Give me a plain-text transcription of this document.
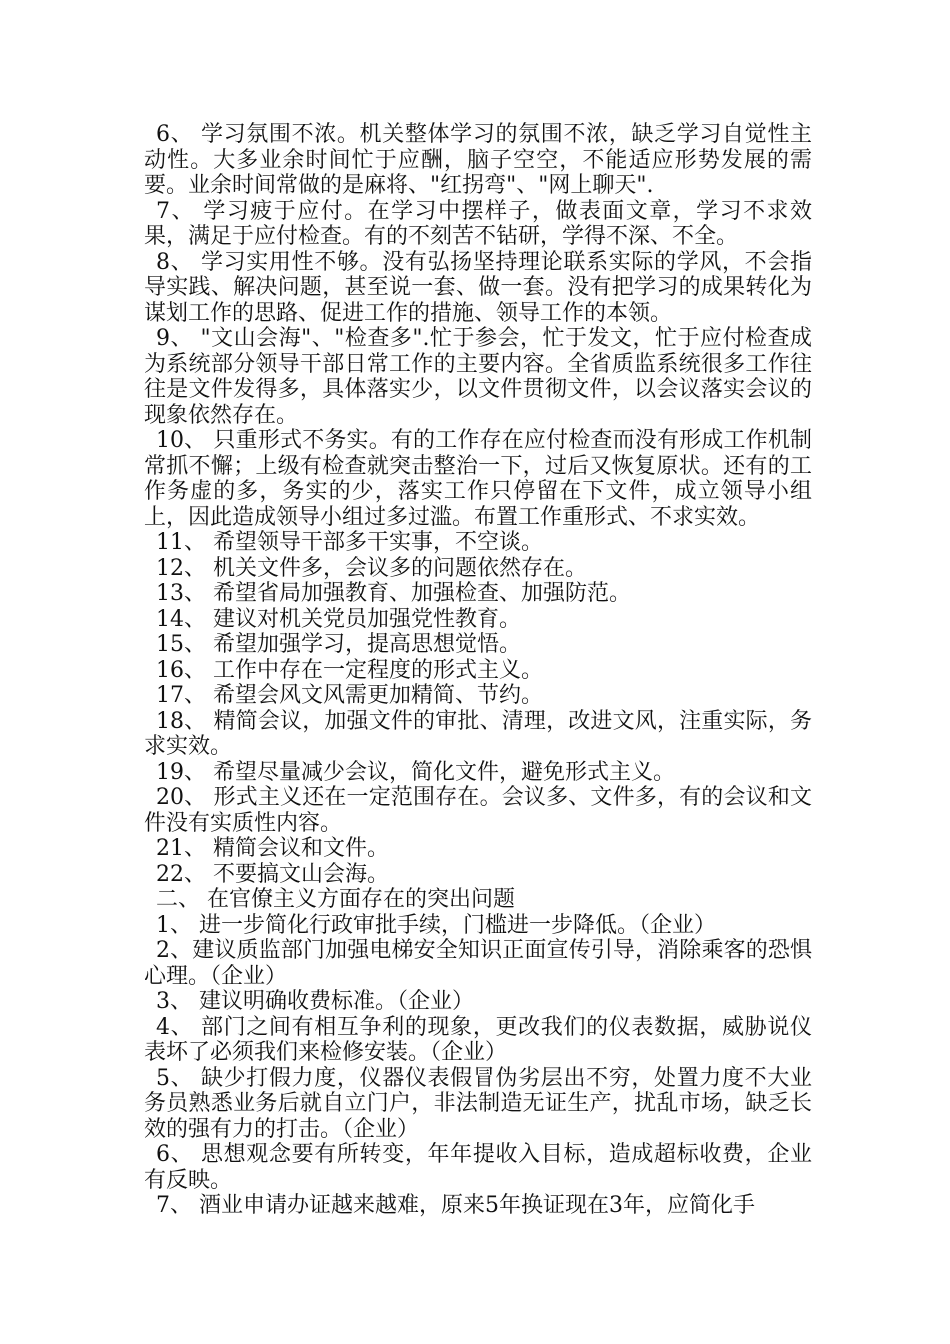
6、 学习氛围不浓。机关整体学习的氛围不浓，缺乏学习自觉性主动性。大多业余时间忙于应酬，脑子空空，不能适应形势发展的需要。业余时间常做的是麻将、"红拐弯"、"网上聊天".

7、 学习疲于应付。在学习中摆样子，做表面文章，学习不求效果，满足于应付检查。有的不刻苦不钻研，学得不深、不全。

8、 学习实用性不够。没有弘扬坚持理论联系实际的学风，不会指导实践、解决问题，甚至说一套、做一套。没有把学习的成果转化为谋划工作的思路、促进工作的措施、领导工作的本领。

9、 "文山会海"、"检查多".忙于参会，忙于发文，忙于应付检查成为系统部分领导干部日常工作的主要内容。全省质监系统很多工作往往是文件发得多，具体落实少，以文件贯彻文件，以会议落实会议的现象依然存在。

10、 只重形式不务实。有的工作存在应付检查而没有形成工作机制常抓不懈；上级有检查就突击整治一下，过后又恢复原状。还有的工作务虚的多，务实的少，落实工作只停留在下文件，成立领导小组上，因此造成领导小组过多过滥。布置工作重形式、不求实效。

11、 希望领导干部多干实事，不空谈。

12、 机关文件多，会议多的问题依然存在。

13、 希望省局加强教育、加强检查、加强防范。

14、 建议对机关党员加强党性教育。

15、 希望加强学习，提高思想觉悟。

16、 工作中存在一定程度的形式主义。

17、 希望会风文风需更加精简、节约。

18、 精简会议，加强文件的审批、清理，改进文风，注重实际，务求实效。

19、 希望尽量减少会议，简化文件，避免形式主义。

20、 形式主义还在一定范围存在。会议多、文件多，有的会议和文件没有实质性内容。

21、 精简会议和文件。

22、 不要搞文山会海。

二、 在官僚主义方面存在的突出问题

1、 进一步简化行政审批手续，门槛进一步降低。（企业）

2、建议质监部门加强电梯安全知识正面宣传引导，消除乘客的恐惧心理。（企业）

3、 建议明确收费标准。（企业）

4、 部门之间有相互争利的现象，更改我们的仪表数据，威胁说仪表坏了必须我们来检修安装。（企业）

5、 缺少打假力度，仪器仪表假冒伪劣层出不穷，处置力度不大业务员熟悉业务后就自立门户，非法制造无证生产，扰乱市场，缺乏长效的强有力的打击。（企业）

6、 思想观念要有所转变，年年提收入目标，造成超标收费，企业有反映。

7、 酒业申请办证越来越难，原来5年换证现在3年，应简化手
